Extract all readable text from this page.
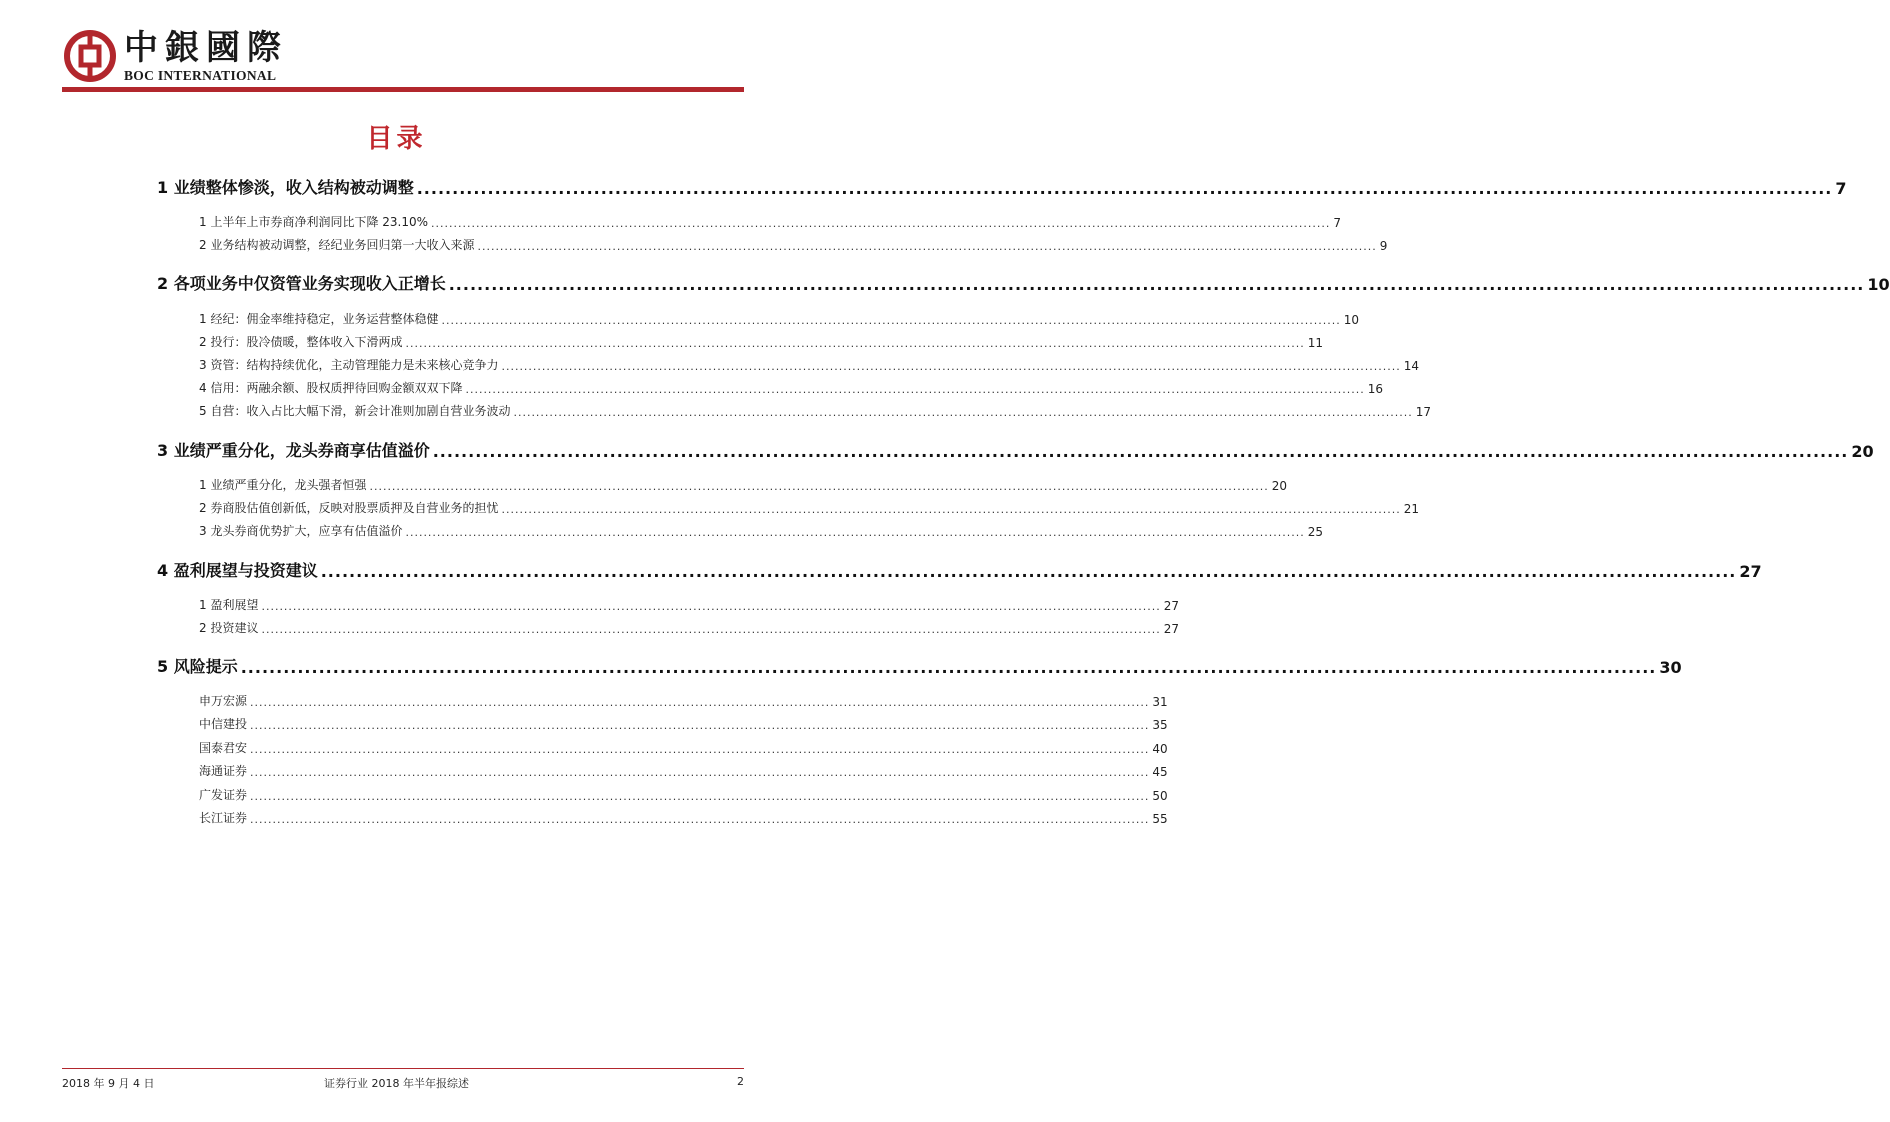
中銀國際
BOC INTERNATIONAL
目录
1 业绩整体惨淡，收入结构被动调整 ........................................................................................................................................................................................................ 7
1 上半年上市券商净利润同比下降 23.10% ........................................................................................................................................................................................................ 7
2 业务结构被动调整，经纪业务回归第一大收入来源 ........................................................................................................................................................................................................ 9
2 各项业务中仅资管业务实现收入正增长 ........................................................................................................................................................................................................ 10
1 经纪：佣金率维持稳定，业务运营整体稳健 ........................................................................................................................................................................................................ 10
2 投行：股冷债暖，整体收入下滑两成 ........................................................................................................................................................................................................ 11
3 资管：结构持续优化，主动管理能力是未来核心竞争力 ........................................................................................................................................................................................................ 14
4 信用：两融余额、股权质押待回购金额双双下降 ........................................................................................................................................................................................................ 16
5 自营：收入占比大幅下滑，新会计准则加剧自营业务波动 ........................................................................................................................................................................................................ 17
3 业绩严重分化，龙头券商享估值溢价 ........................................................................................................................................................................................................ 20
1 业绩严重分化，龙头强者恒强 ........................................................................................................................................................................................................ 20
2 券商股估值创新低，反映对股票质押及自营业务的担忧 ........................................................................................................................................................................................................ 21
3 龙头券商优势扩大，应享有估值溢价 ........................................................................................................................................................................................................ 25
4 盈利展望与投资建议 ........................................................................................................................................................................................................ 27
1 盈利展望 ........................................................................................................................................................................................................ 27
2 投资建议 ........................................................................................................................................................................................................ 27
5 风险提示 ........................................................................................................................................................................................................ 30
申万宏源 ........................................................................................................................................................................................................ 31
中信建投 ........................................................................................................................................................................................................ 35
国泰君安 ........................................................................................................................................................................................................ 40
海通证券 ........................................................................................................................................................................................................ 45
广发证券 ........................................................................................................................................................................................................ 50
长江证券 ........................................................................................................................................................................................................ 55
2018 年 9 月 4 日	证券行业 2018 年半年报综述	2
